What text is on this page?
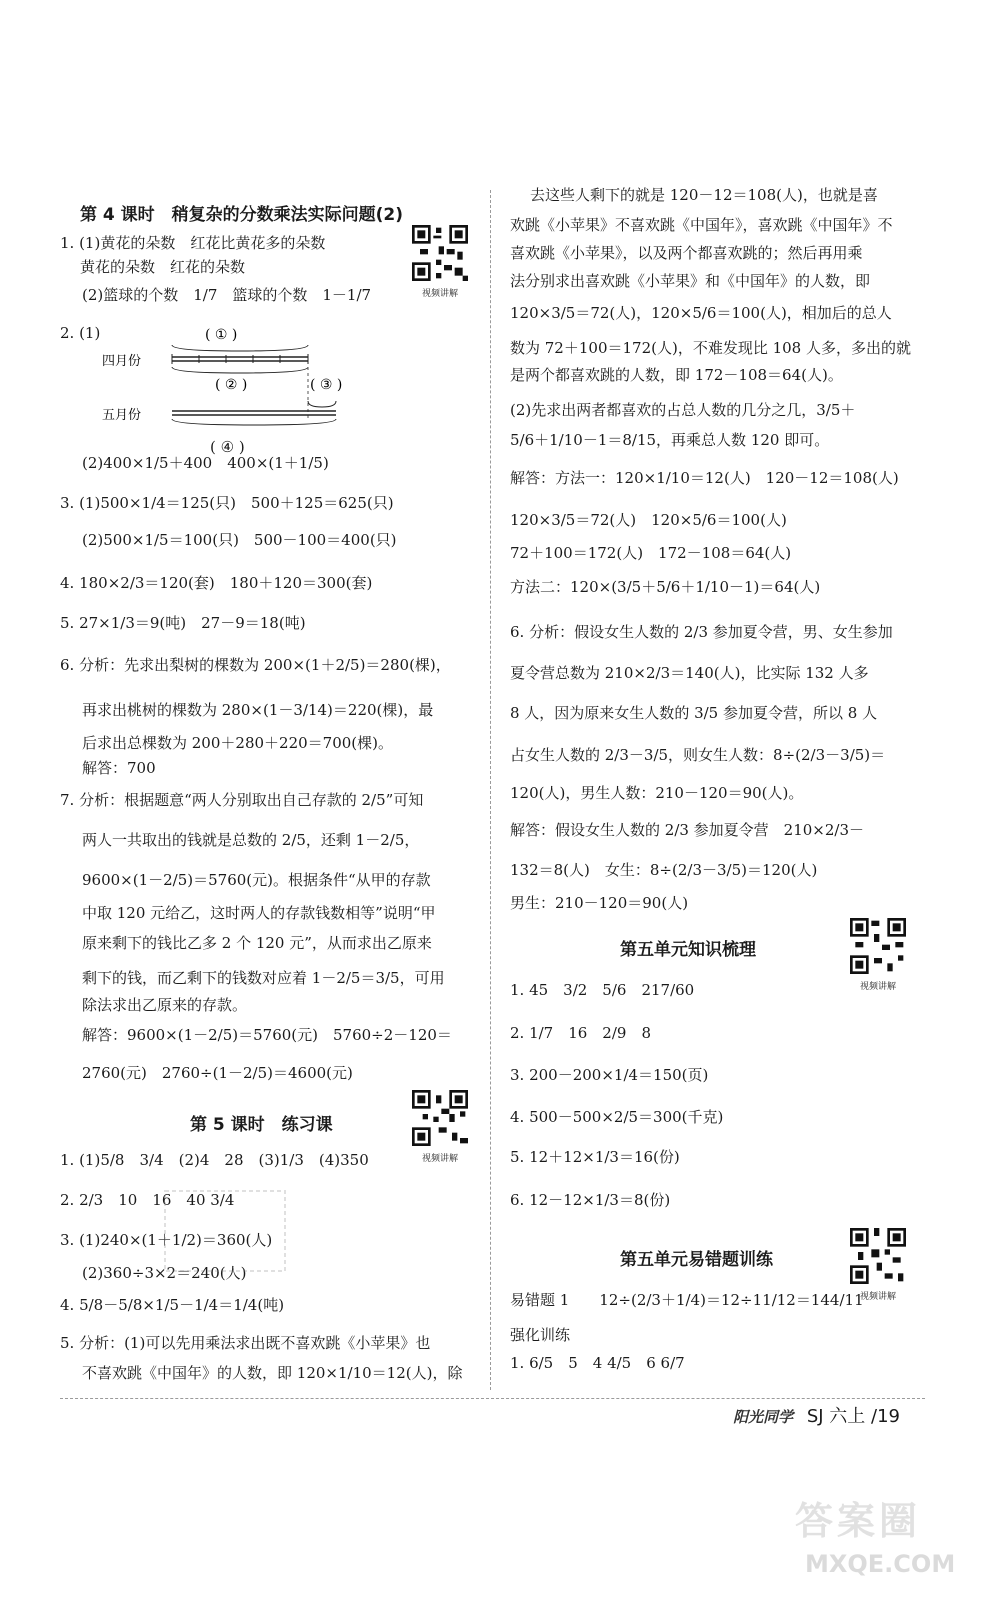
第 4 课时　稍复杂的分数乘法实际问题(2)
1. (1)黄花的朵数　红花比黄花多的朵数
黄花的朵数　红花的朵数
(2)篮球的个数　1/7　篮球的个数　1－1/7
2. (1)	( ① )
四月份
( ② )	( ③ )
五月份
( ④ )
(2)400×1/5＋400　400×(1＋1/5)
3. (1)500×1/4＝125(只)　500＋125＝625(只)
(2)500×1/5＝100(只)　500－100＝400(只)
4. 180×2/3＝120(套)　180＋120＝300(套)
5. 27×1/3＝9(吨)　27－9＝18(吨)
6. 分析：先求出梨树的棵数为 200×(1＋2/5)＝280(棵)，
再求出桃树的棵数为 280×(1－3/14)＝220(棵)，最
后求出总棵数为 200＋280＋220＝700(棵)。
解答：700
7. 分析：根据题意“两人分别取出自己存款的 2/5”可知
两人一共取出的钱就是总数的 2/5，还剩 1－2/5，
9600×(1－2/5)＝5760(元)。根据条件“从甲的存款
中取 120 元给乙，这时两人的存款钱数相等”说明“甲
原来剩下的钱比乙多 2 个 120 元”，从而求出乙原来
剩下的钱，而乙剩下的钱数对应着 1－2/5＝3/5，可用
除法求出乙原来的存款。
解答：9600×(1－2/5)＝5760(元)　5760÷2－120＝
2760(元)　2760÷(1－2/5)＝4600(元)
第 5 课时　练习课
1. (1)5/8　3/4　(2)4　28　(3)1/3　(4)350
2. 2/3　10　16　40 3/4
3. (1)240×(1＋1/2)＝360(人)
(2)360÷3×2＝240(人)
4. 5/8－5/8×1/5－1/4＝1/4(吨)
5. 分析：(1)可以先用乘法求出既不喜欢跳《小苹果》也
不喜欢跳《中国年》的人数，即 120×1/10＝12(人)，除
视频讲解
视频讲解
去这些人剩下的就是 120－12＝108(人)，也就是喜
欢跳《小苹果》不喜欢跳《中国年》，喜欢跳《中国年》不
喜欢跳《小苹果》，以及两个都喜欢跳的；然后再用乘
法分别求出喜欢跳《小苹果》和《中国年》的人数，即
120×3/5＝72(人)，120×5/6＝100(人)，相加后的总人
数为 72＋100＝172(人)，不难发现比 108 人多，多出的就
是两个都喜欢跳的人数，即 172－108＝64(人)。
(2)先求出两者都喜欢的占总人数的几分之几，3/5＋
5/6＋1/10－1＝8/15，再乘总人数 120 即可。
解答：方法一：120×1/10＝12(人)　120－12＝108(人)
120×3/5＝72(人)　120×5/6＝100(人)
72＋100＝172(人)　172－108＝64(人)
方法二：120×(3/5＋5/6＋1/10－1)＝64(人)
6. 分析：假设女生人数的 2/3 参加夏令营，男、女生参加
夏令营总数为 210×2/3＝140(人)，比实际 132 人多
8 人，因为原来女生人数的 3/5 参加夏令营，所以 8 人
占女生人数的 2/3－3/5，则女生人数：8÷(2/3－3/5)＝
120(人)，男生人数：210－120＝90(人)。
解答：假设女生人数的 2/3 参加夏令营　210×2/3－
132＝8(人)　女生：8÷(2/3－3/5)＝120(人)
男生：210－120＝90(人)
第五单元知识梳理
1. 45　3/2　5/6　217/60
2. 1/7　16　2/9　8
3. 200－200×1/4＝150(页)
4. 500－500×2/5＝300(千克)
5. 12＋12×1/3＝16(份)
6. 12－12×1/3＝8(份)
第五单元易错题训练
易错题 1　　12÷(2/3＋1/4)＝12÷11/12＝144/11
强化训练
1. 6/5　5　4 4/5　6 6/7
视频讲解
视频讲解
阳光同学 SJ 六上 /19
答案圈
MXQE.COM
